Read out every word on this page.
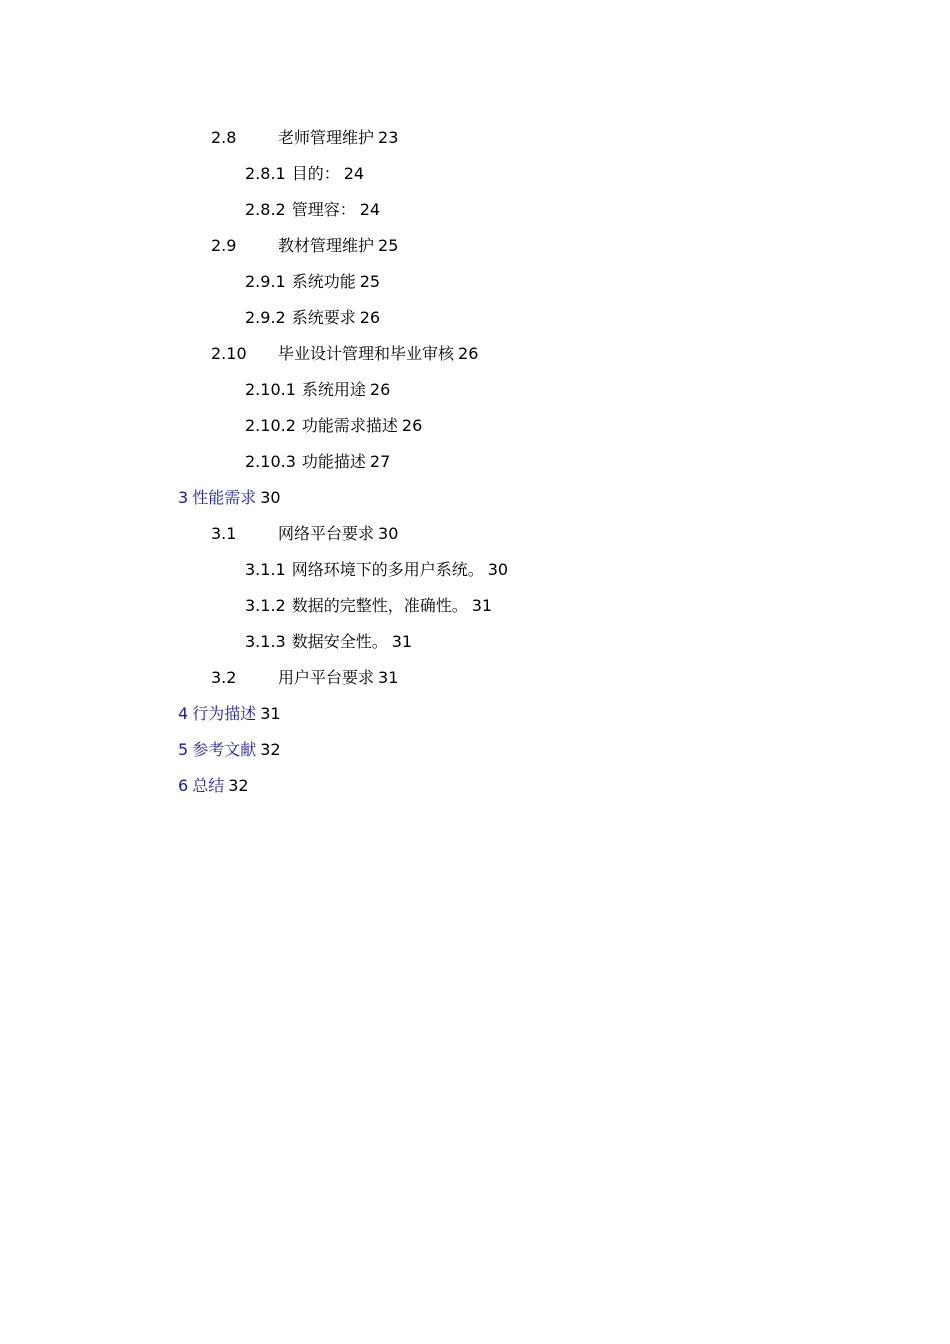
2.8	老师管理维护 23
2.8.1 目的： 24
2.8.2 管理容： 24
2.9	教材管理维护 25
2.9.1 系统功能 25
2.9.2 系统要求 26
2.10 毕业设计管理和毕业审核 26
2.10.1 系统用途 26
2.10.2 功能需求描述 26
2.10.3 功能描述 27
3 性能需求 30
3.1	网络平台要求 30
3.1.1 网络环境下的多用户系统。 30
3.1.2 数据的完整性，准确性。 31
3.1.3 数据安全性。 31
3.2	用户平台要求 31
4 行为描述 31
5 参考文献 32
6 总结 32
